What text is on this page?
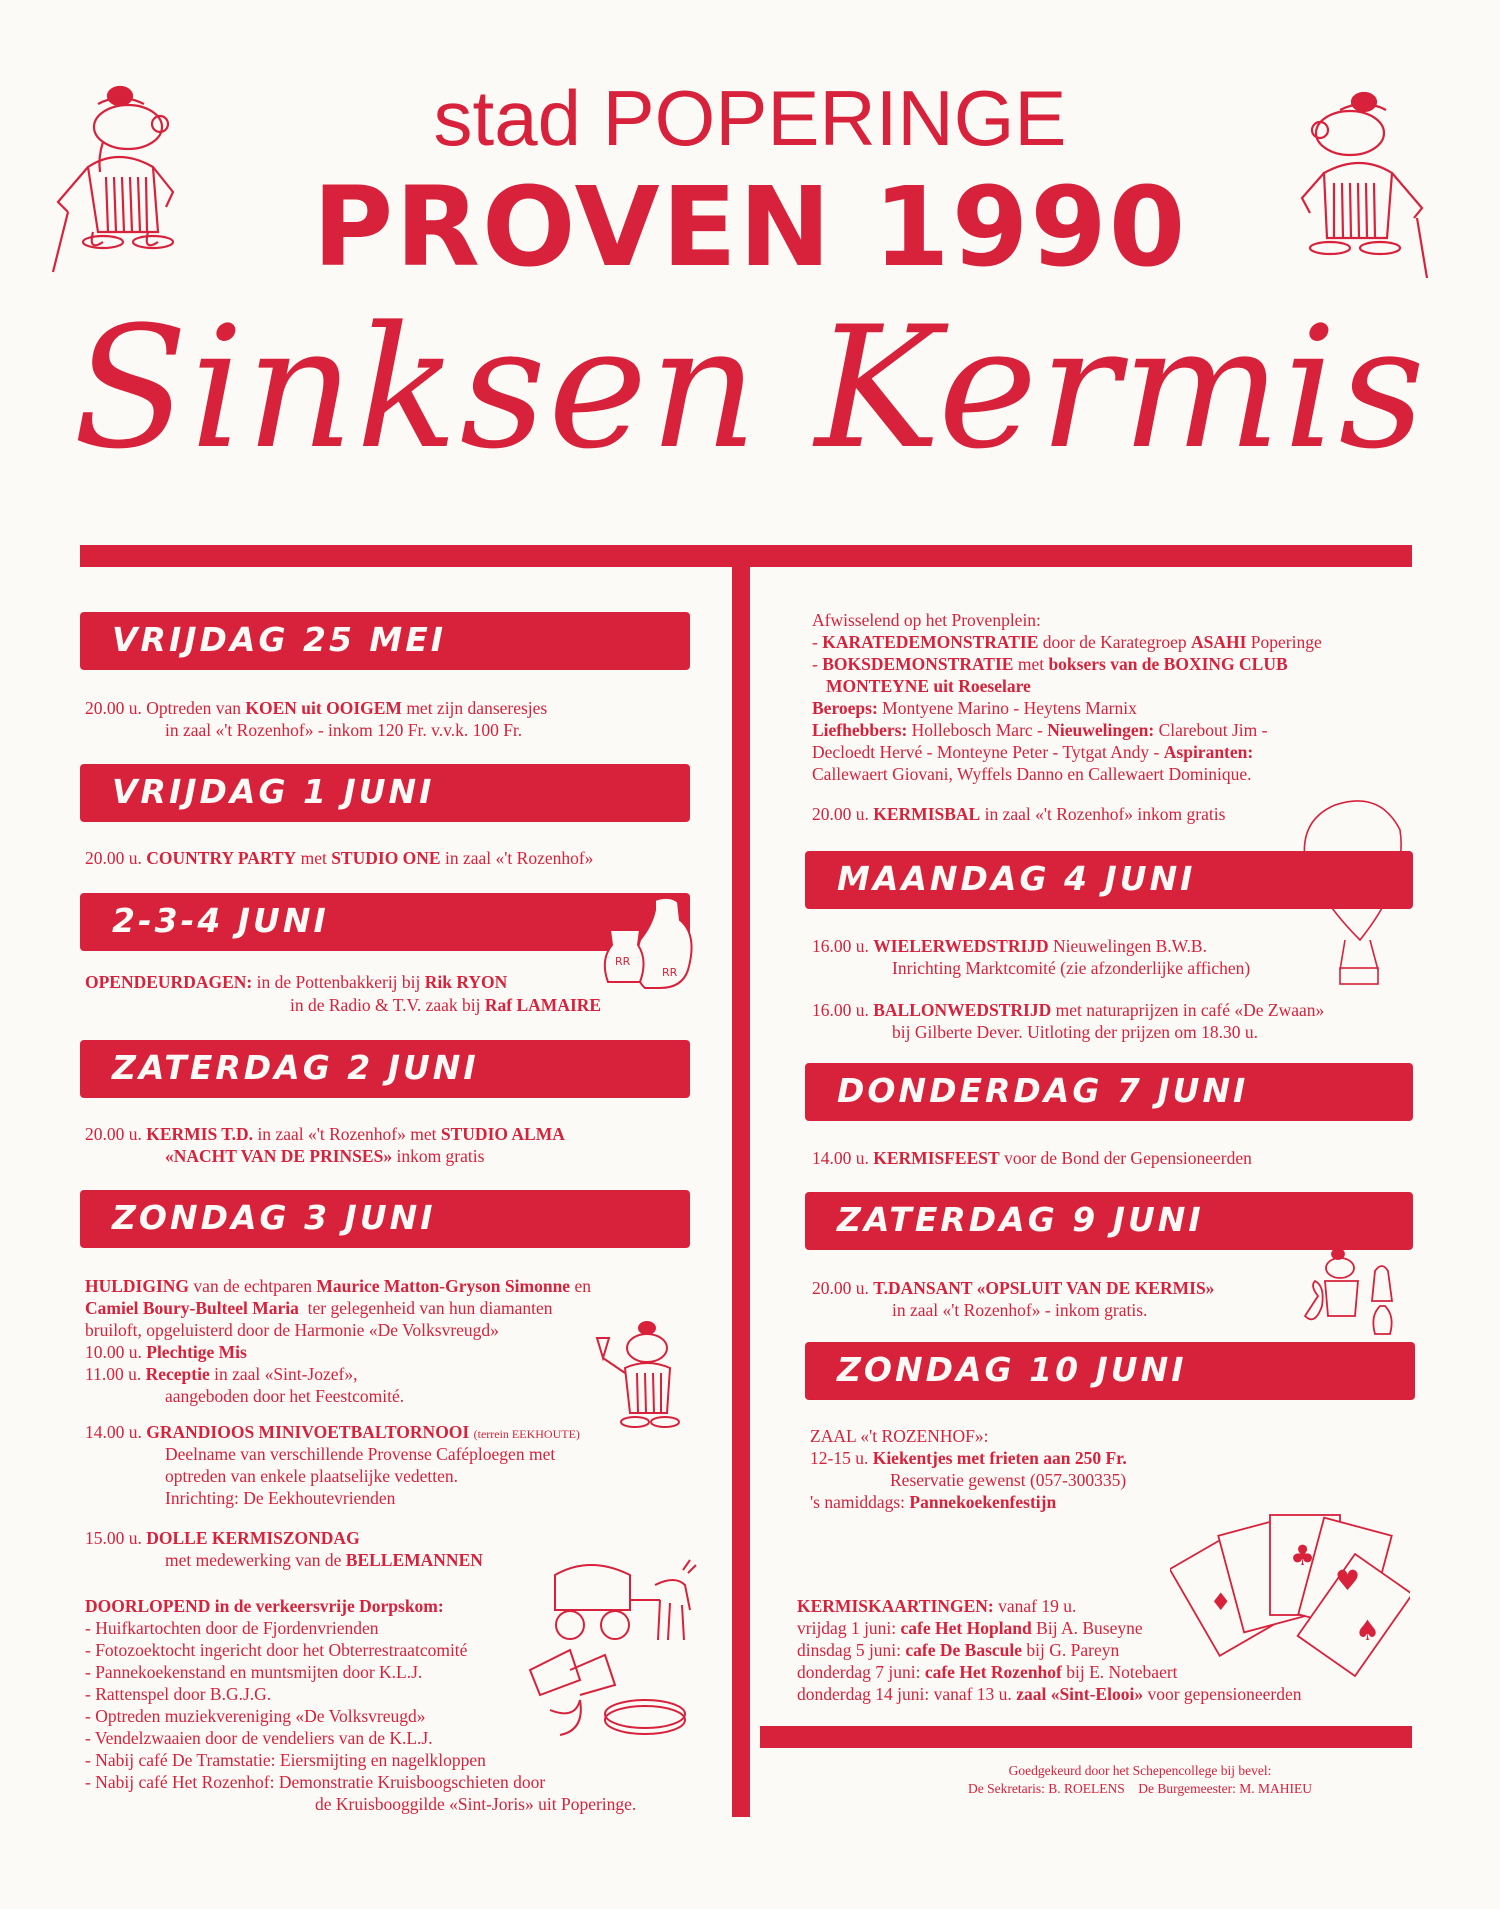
stad POPERINGE
PROVEN 1990
Sinksen Kermis
VRIJDAG 25 MEI
20.00 u. Optreden van KOEN uit OOIGEM met zijn danseresjes
in zaal «'t Rozenhof» - inkom 120 Fr. v.v.k. 100 Fr.
VRIJDAG 1 JUNI
20.00 u. COUNTRY PARTY met STUDIO ONE in zaal «'t Rozenhof»
2-3-4 JUNI
RR
RR
OPENDEURDAGEN: in de Pottenbakkerij bij Rik RYON
in de Radio & T.V. zaak bij Raf LAMAIRE
ZATERDAG 2 JUNI
20.00 u. KERMIS T.D. in zaal «'t Rozenhof» met STUDIO ALMA
«NACHT VAN DE PRINSES» inkom gratis
ZONDAG 3 JUNI
HULDIGING van de echtparen Maurice Matton-Gryson Simonne en
Camiel Boury-Bulteel Maria  ter gelegenheid van hun diamanten
bruiloft, opgeluisterd door de Harmonie «De Volksvreugd»
10.00 u. Plechtige Mis
11.00 u. Receptie in zaal «Sint-Jozef»,
aangeboden door het Feestcomité.
14.00 u. GRANDIOOS MINIVOETBALTORNOOI (terrein EEKHOUTE)
Deelname van verschillende Provense Caféploegen met
optreden van enkele plaatselijke vedetten.
Inrichting: De Eekhoutevrienden
15.00 u. DOLLE KERMISZONDAG
met medewerking van de BELLEMANNEN
DOORLOPEND in de verkeersvrije Dorpskom:
- Huifkartochten door de Fjordenvrienden
- Fotozoektocht ingericht door het Obterrestraatcomité
- Pannekoekenstand en muntsmijten door K.L.J.
- Rattenspel door B.G.J.G.
- Optreden muziekvereniging «De Volksvreugd»
- Vendelzwaaien door de vendeliers van de K.L.J.
- Nabij café De Tramstatie: Eiersmijting en nagelkloppen
- Nabij café Het Rozenhof: Demonstratie Kruisboogschieten door
de Kruisbooggilde «Sint-Joris» uit Poperinge.
Afwisselend op het Provenplein:
- KARATEDEMONSTRATIE door de Karategroep ASAHI Poperinge
- BOKSDEMONSTRATIE met boksers van de BOXING CLUB
MONTEYNE uit Roeselare
Beroeps: Montyene Marino - Heytens Marnix
Liefhebbers: Hollebosch Marc - Nieuwelingen: Clarebout Jim -
Decloedt Hervé - Monteyne Peter - Tytgat Andy - Aspiranten:
Callewaert Giovani, Wyffels Danno en Callewaert Dominique.
20.00 u. KERMISBAL in zaal «'t Rozenhof» inkom gratis
MAANDAG 4 JUNI
16.00 u. WIELERWEDSTRIJD Nieuwelingen B.W.B.
Inrichting Marktcomité (zie afzonderlijke affichen)
16.00 u. BALLONWEDSTRIJD met naturaprijzen in café «De Zwaan»
bij Gilberte Dever. Uitloting der prijzen om 18.30 u.
DONDERDAG 7 JUNI
14.00 u. KERMISFEEST voor de Bond der Gepensioneerden
ZATERDAG 9 JUNI
20.00 u. T.DANSANT «OPSLUIT VAN DE KERMIS»
in zaal «'t Rozenhof» - inkom gratis.
ZONDAG 10 JUNI
ZAAL «'t ROZENHOF»:
12-15 u. Kiekentjes met frieten aan 250 Fr.
Reservatie gewenst (057-300335)
's namiddags: Pannekoekenfestijn
♣
♥
♠
♦
KERMISKAARTINGEN: vanaf 19 u.
vrijdag 1 juni: cafe Het Hopland Bij A. Buseyne
dinsdag 5 juni: cafe De Bascule bij G. Pareyn
donderdag 7 juni: cafe Het Rozenhof bij E. Notebaert
donderdag 14 juni: vanaf 13 u. zaal «Sint-Elooi» voor gepensioneerden
Goedgekeurd door het Schepencollege bij bevel:
De Sekretaris: B. ROELENS    De Burgemeester: M. MAHIEU
